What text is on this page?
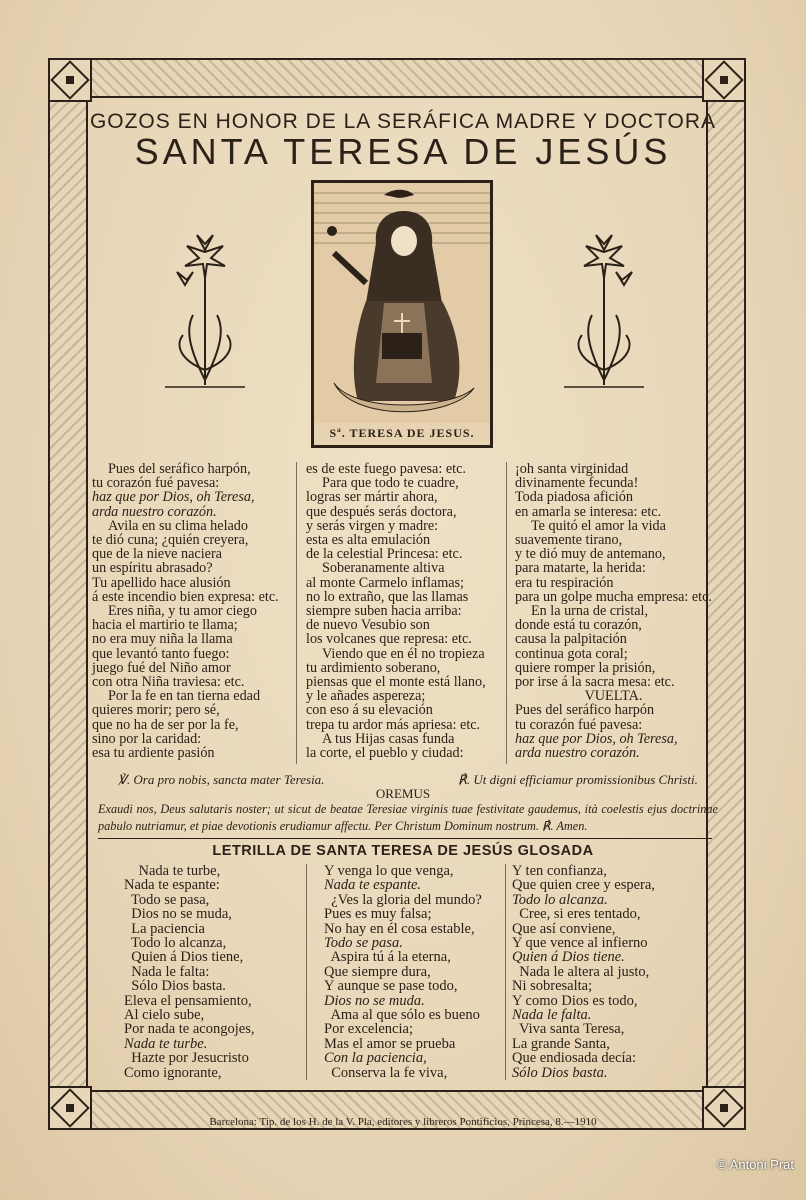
GOZOS EN HONOR DE LA SERÁFICA MADRE Y DOCTORA
SANTA TERESA DE JESÚS
Sª. TERESA DE JESUS.
Pues del seráfico harpón,
tu corazón fué pavesa:
haz que por Dios, oh Teresa,
arda nuestro corazón.
Avila en su clima helado
te dió cuna; ¿quién creyera,
que de la nieve naciera
un espíritu abrasado?
Tu apellido hace alusión
á este incendio bien expresa: etc.
Eres niña, y tu amor ciego
hacia el martirio te llama;
no era muy niña la llama
que levantó tanto fuego:
juego fué del Niño amor
con otra Niña traviesa: etc.
Por la fe en tan tierna edad
quieres morir; pero sé,
que no ha de ser por la fe,
sino por la caridad:
esa tu ardiente pasión
es de este fuego pavesa: etc.
Para que todo te cuadre,
logras ser mártir ahora,
que después serás doctora,
y serás virgen y madre:
esta es alta emulación
de la celestial Princesa: etc.
Soberanamente altiva
al monte Carmelo inflamas;
no lo extraño, que las llamas
siempre suben hacia arriba:
de nuevo Vesubio son
los volcanes que represa: etc.
Viendo que en él no tropieza
tu ardimiento soberano,
piensas que el monte está llano,
y le añades aspereza;
con eso á su elevación
trepa tu ardor más apriesa: etc.
A tus Hijas casas funda
la corte, el pueblo y ciudad:
¡oh santa virginidad
divinamente fecunda!
Toda piadosa afición
en amarla se interesa: etc.
Te quitó el amor la vida
suavemente tirano,
y te dió muy de antemano,
para matarte, la herida:
era tu respiración
para un golpe mucha empresa: etc.
En la urna de cristal,
donde está tu corazón,
causa la palpitación
continua gota coral;
quiere romper la prisión,
por irse á la sacra mesa: etc.
VUELTA.
Pues del seráfico harpón
tu corazón fué pavesa:
haz que por Dios, oh Teresa,
arda nuestro corazón.
℣. Ora pro nobis, sancta mater Teresia.	℟. Ut digni efficiamur promissionibus Christi.
OREMUS
Exaudi nos, Deus salutaris noster; ut sicut de beatae Teresiae virginis tuae festivitate gaudemus, ità coelestis ejus doctrinae pabulo nutriamur, et piae devotionis erudiamur affectu. Per Christum Dominum nostrum. ℟. Amen.
LETRILLA DE SANTA TERESA DE JESÚS GLOSADA
Nada te turbe,
Nada te espante:
Todo se pasa,
Dios no se muda,
La paciencia
Todo lo alcanza,
Quien á Dios tiene,
Nada le falta:
Sólo Dios basta.
Eleva el pensamiento,
Al cielo sube,
Por nada te acongojes,
Nada te turbe.
Hazte por Jesucristo
Como ignorante,
Y venga lo que venga,
Nada te espante.
¿Ves la gloria del mundo?
Pues es muy falsa;
No hay en él cosa estable,
Todo se pasa.
Aspira tú á la eterna,
Que siempre dura,
Y aunque se pase todo,
Dios no se muda.
Ama al que sólo es bueno
Por excelencia;
Mas el amor se prueba
Con la paciencia,
Conserva la fe viva,
Y ten confianza,
Que quien cree y espera,
Todo lo alcanza.
Cree, si eres tentado,
Que así conviene,
Y que vence al infierno
Quien á Dios tiene.
Nada le altera al justo,
Ni sobresalta;
Y como Dios es todo,
Nada le falta.
Viva santa Teresa,
La grande Santa,
Que endiosada decía:
Sólo Dios basta.
Barcelona: Tip. de los H. de la V. Pla, editores y libreros Pontificios, Princesa, 8.—1910
© Antoni Prat
